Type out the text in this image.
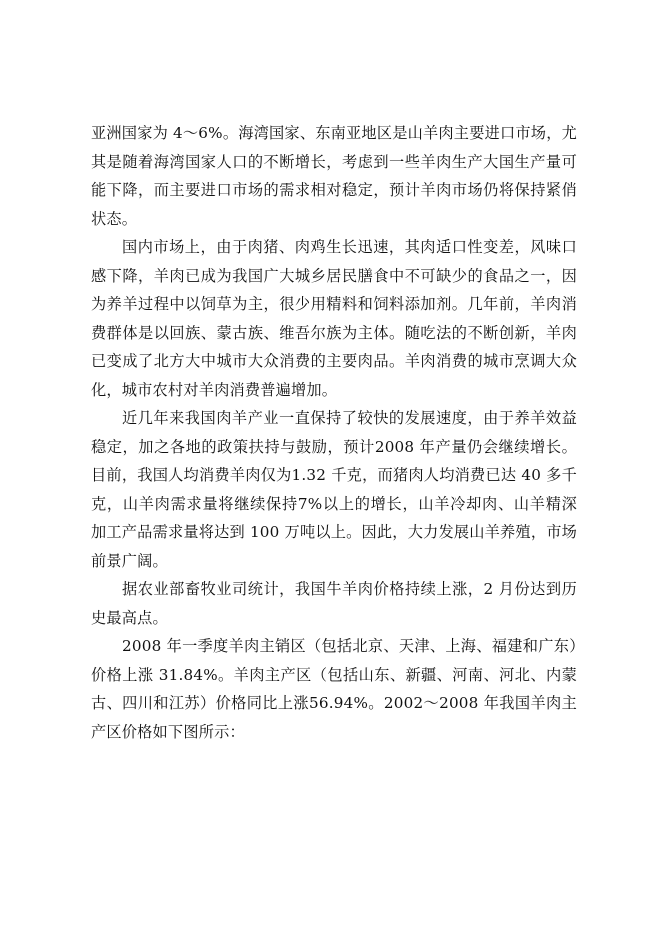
亚洲国家为 4～6%。海湾国家、东南亚地区是山羊肉主要进口市场，尤其是随着海湾国家人口的不断增长，考虑到一些羊肉生产大国生产量可能下降，而主要进口市场的需求相对稳定，预计羊肉市场仍将保持紧俏状态。

国内市场上，由于肉猪、肉鸡生长迅速，其肉适口性变差，风味口感下降，羊肉已成为我国广大城乡居民膳食中不可缺少的食品之一，因为养羊过程中以饲草为主，很少用精料和饲料添加剂。几年前，羊肉消费群体是以回族、蒙古族、维吾尔族为主体。随吃法的不断创新，羊肉已变成了北方大中城市大众消费的主要肉品。羊肉消费的城市烹调大众化，城市农村对羊肉消费普遍增加。

近几年来我国肉羊产业一直保持了较快的发展速度，由于养羊效益稳定，加之各地的政策扶持与鼓励，预计2008 年产量仍会继续增长。目前，我国人均消费羊肉仅为1.32 千克，而猪肉人均消费已达 40 多千克，山羊肉需求量将继续保持7%以上的增长，山羊冷却肉、山羊精深加工产品需求量将达到 100 万吨以上。因此，大力发展山羊养殖，市场前景广阔。

据农业部畜牧业司统计，我国牛羊肉价格持续上涨，2 月份达到历史最高点。

2008 年一季度羊肉主销区（包括北京、天津、上海、福建和广东）价格上涨 31.84%。羊肉主产区（包括山东、新疆、河南、河北、内蒙古、四川和江苏）价格同比上涨56.94%。2002～2008 年我国羊肉主产区价格如下图所示：
